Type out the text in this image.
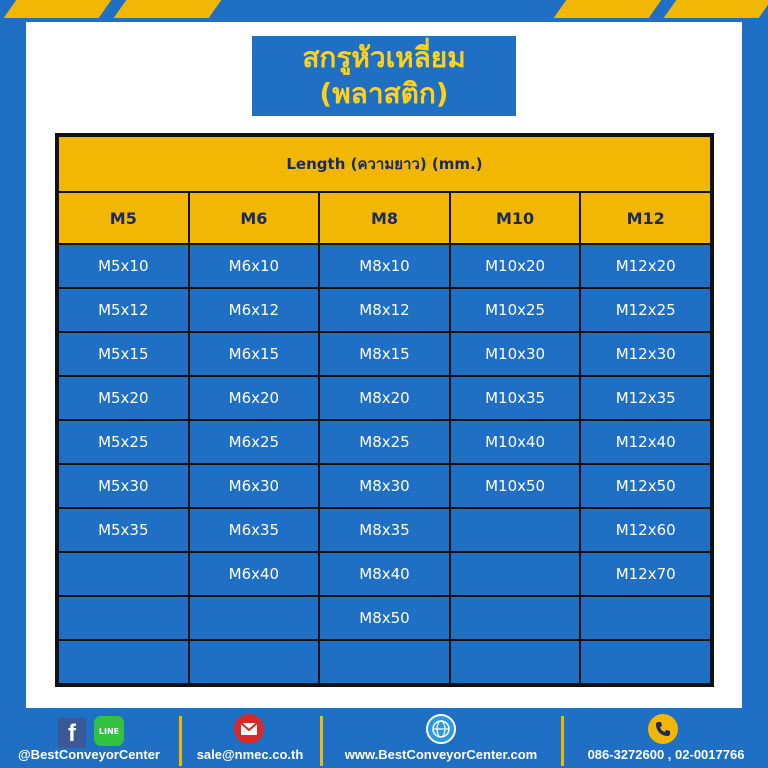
สกรูหัวเหลี่ยม
(พลาสติก)
Length (ความยาว) (mm.)				
M5	M6	M8	M10	M12
M5x10	M6x10	M8x10	M10x20	M12x20
M5x12	M6x12	M8x12	M10x25	M12x25
M5x15	M6x15	M8x15	M10x30	M12x30
M5x20	M6x20	M8x20	M10x35	M12x35
M5x25	M6x25	M8x25	M10x40	M12x40
M5x30	M6x30	M8x30	M10x50	M12x50
M5x35	M6x35	M8x35		M12x60
	M6x40	M8x40		M12x70
		M8x50		

f	LINE
@BestConveyorCenter	sale@nmec.co.th	www.BestConveyorCenter.com	086-3272600 , 02-0017766
